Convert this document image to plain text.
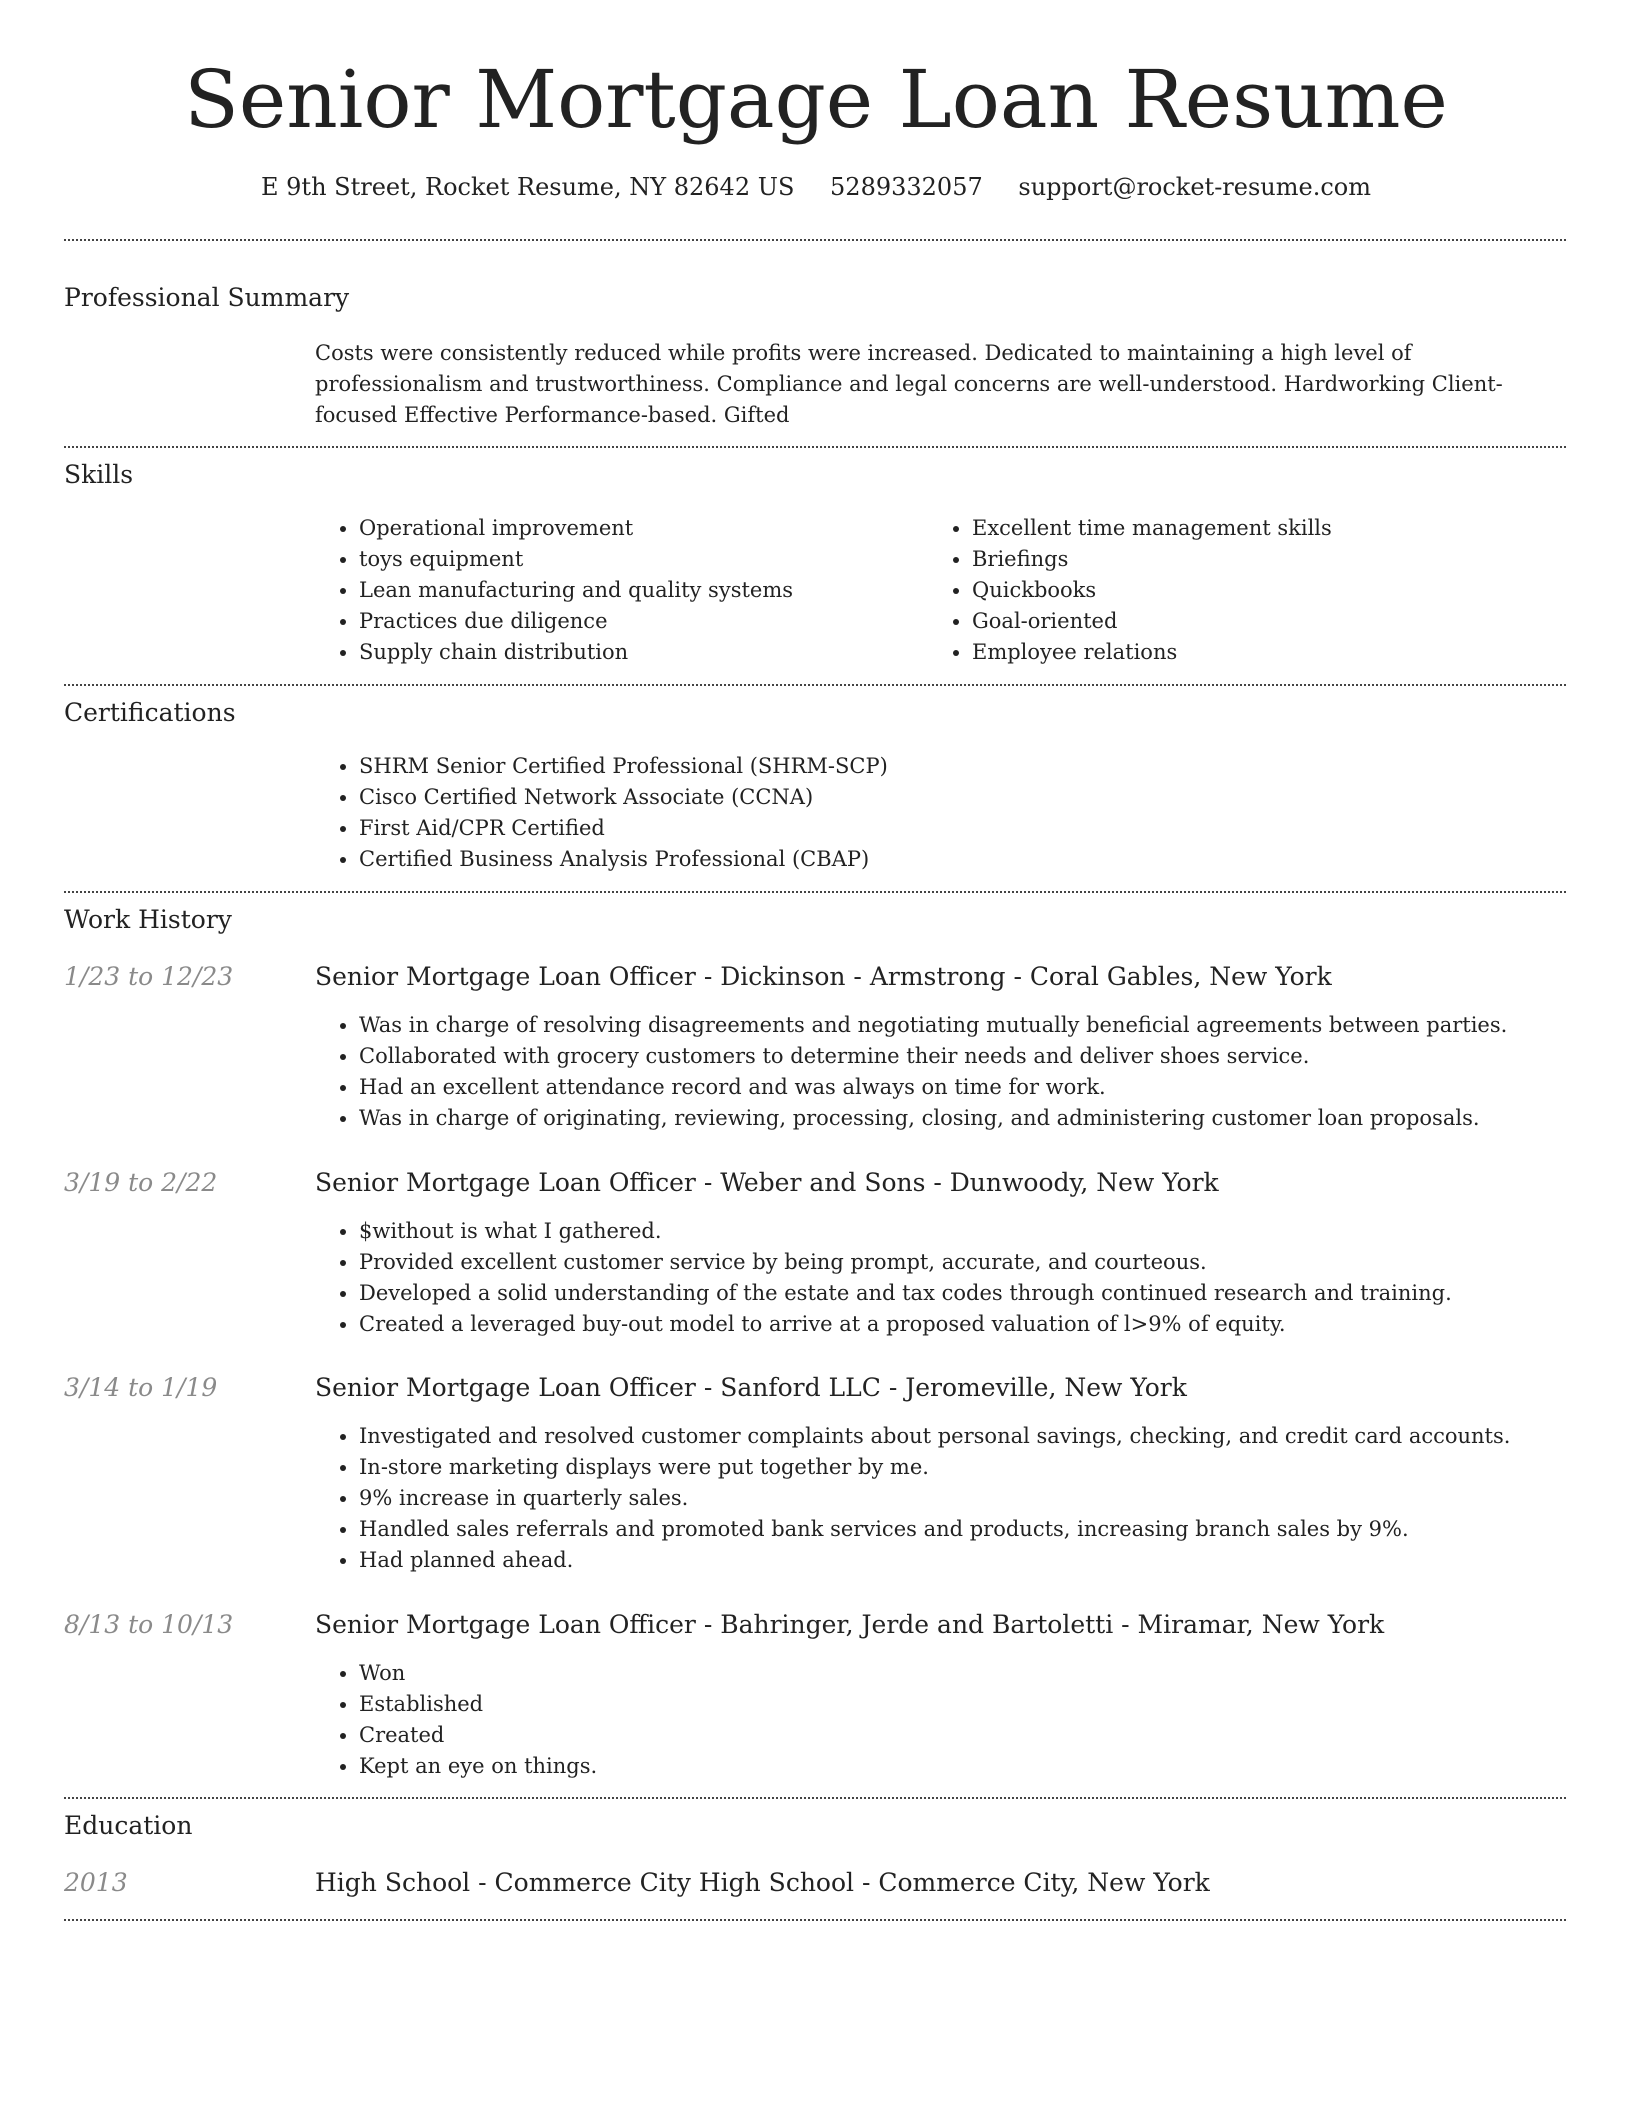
Senior Mortgage Loan Resume
E 9th Street, Rocket Resume, NY 82642 US 5289332057 support@rocket-resume.com
Professional Summary
Costs were consistently reduced while profits were increased. Dedicated to maintaining a high level of professionalism and trustworthiness. Compliance and legal concerns are well-understood. Hardworking Client-focused Effective Performance-based. Gifted
Skills
• Operational improvement
• toys equipment
• Lean manufacturing and quality systems
• Practices due diligence
• Supply chain distribution
• Excellent time management skills
• Briefings
• Quickbooks
• Goal-oriented
• Employee relations
Certifications
• SHRM Senior Certified Professional (SHRM-SCP)
• Cisco Certified Network Associate (CCNA)
• First Aid/CPR Certified
• Certified Business Analysis Professional (CBAP)
Work History
1/23 to 12/23	Senior Mortgage Loan Officer - Dickinson - Armstrong - Coral Gables, New York
• Was in charge of resolving disagreements and negotiating mutually beneficial agreements between parties.
• Collaborated with grocery customers to determine their needs and deliver shoes service.
• Had an excellent attendance record and was always on time for work.
• Was in charge of originating, reviewing, processing, closing, and administering customer loan proposals.
3/19 to 2/22	Senior Mortgage Loan Officer - Weber and Sons - Dunwoody, New York
• $without is what I gathered.
• Provided excellent customer service by being prompt, accurate, and courteous.
• Developed a solid understanding of the estate and tax codes through continued research and training.
• Created a leveraged buy-out model to arrive at a proposed valuation of l>9% of equity.
3/14 to 1/19	Senior Mortgage Loan Officer - Sanford LLC - Jeromeville, New York
• Investigated and resolved customer complaints about personal savings, checking, and credit card accounts.
• In-store marketing displays were put together by me.
• 9% increase in quarterly sales.
• Handled sales referrals and promoted bank services and products, increasing branch sales by 9%.
• Had planned ahead.
8/13 to 10/13	Senior Mortgage Loan Officer - Bahringer, Jerde and Bartoletti - Miramar, New York
• Won
• Established
• Created
• Kept an eye on things.
Education
2013	High School - Commerce City High School - Commerce City, New York
